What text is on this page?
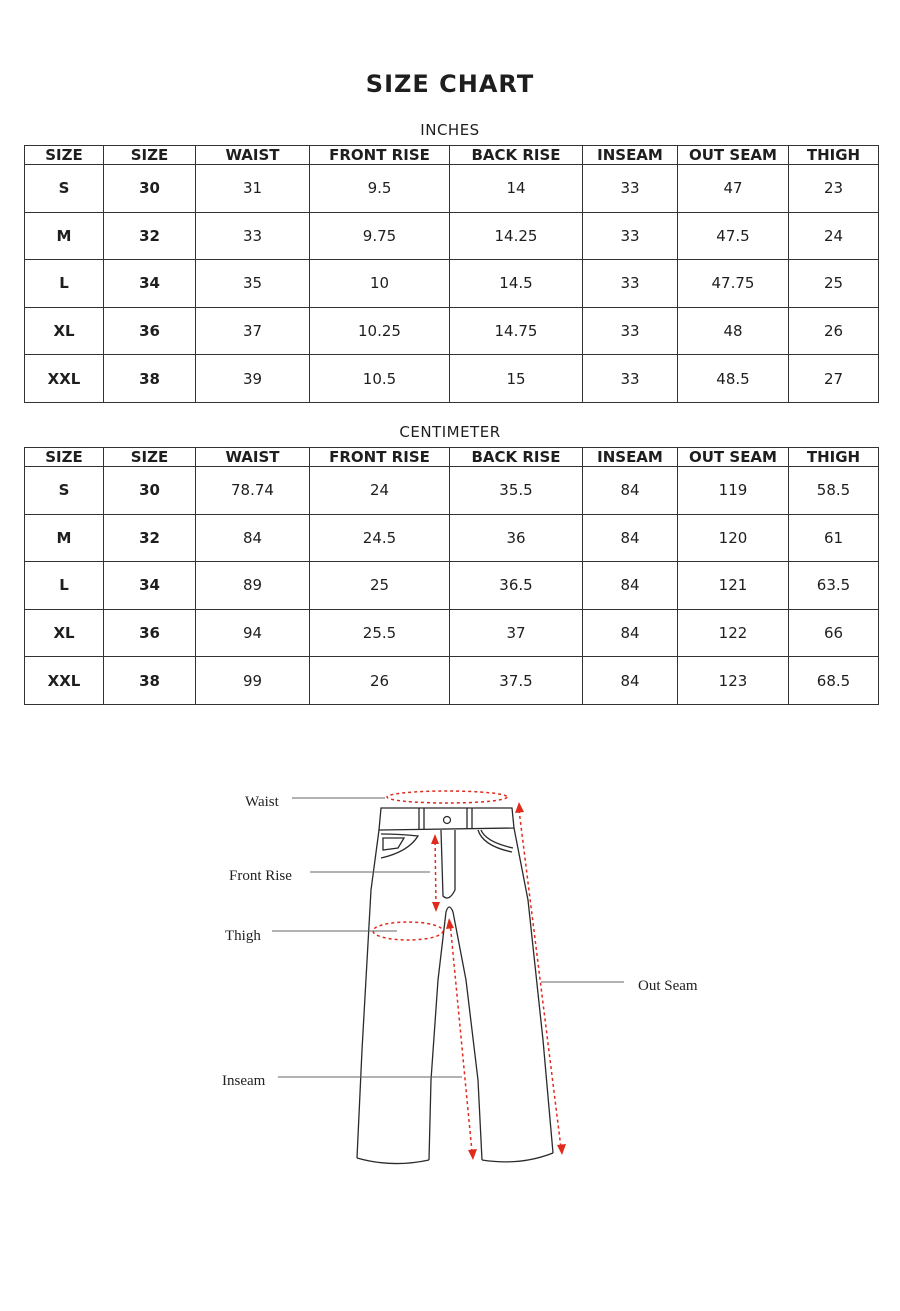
SIZE CHART
INCHES
SIZE	SIZE	WAIST	FRONT RISE	BACK RISE	INSEAM	OUT SEAM	THIGH
S	30	31	9.5	14	33	47	23
M	32	33	9.75	14.25	33	47.5	24
L	34	35	10	14.5	33	47.75	25
XL	36	37	10.25	14.75	33	48	26
XXL	38	39	10.5	15	33	48.5	27
CENTIMETER
SIZE	SIZE	WAIST	FRONT RISE	BACK RISE	INSEAM	OUT SEAM	THIGH
S	30	78.74	24	35.5	84	119	58.5
M	32	84	24.5	36	84	120	61
L	34	89	25	36.5	84	121	63.5
XL	36	94	25.5	37	84	122	66
XXL	38	99	26	37.5	84	123	68.5
Waist
Front Rise
Thigh
Out Seam
Inseam
